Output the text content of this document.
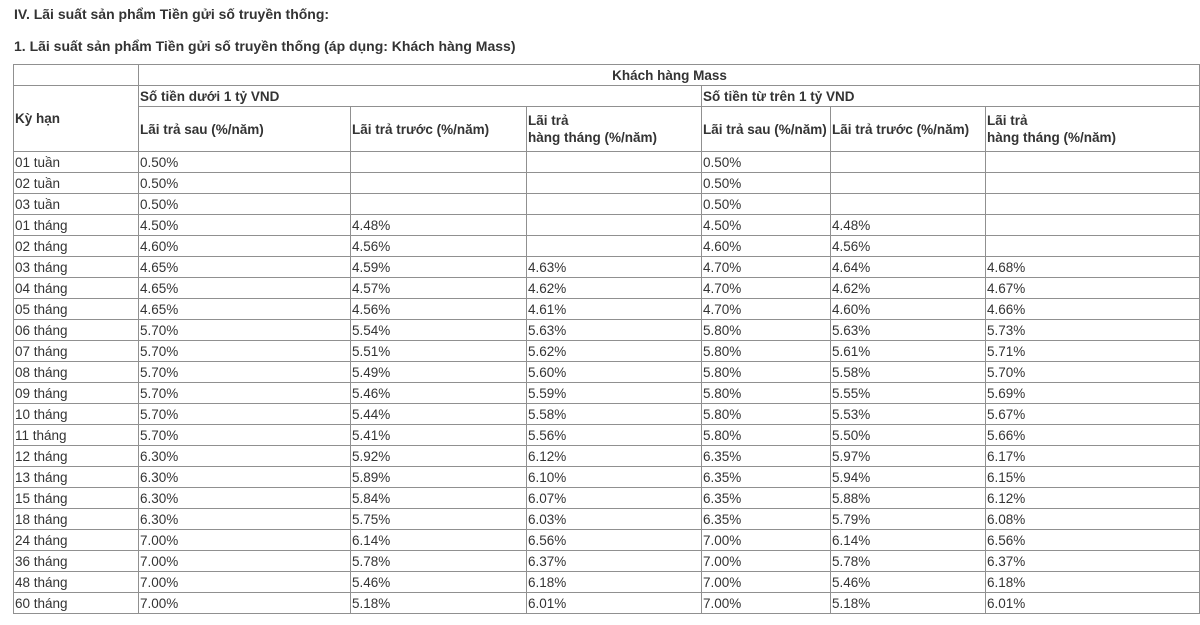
IV. Lãi suất sản phẩm Tiền gửi số truyền thống:
1. Lãi suất sản phẩm Tiền gửi số truyền thống (áp dụng: Khách hàng Mass)
	Khách hàng Mass					
Kỳ hạn	Số tiền dưới 1 tỷ VND			Số tiền từ trên 1 tỷ VND		
	Lãi trả sau (%/năm)	Lãi trả trước (%/năm)	Lãi trả
hàng tháng (%/năm)	Lãi trả sau (%/năm)	Lãi trả trước (%/năm)	Lãi trả
hàng tháng (%/năm)
01 tuần	0.50%			0.50%		
02 tuần	0.50%			0.50%		
03 tuần	0.50%			0.50%		
01 tháng	4.50%	4.48%		4.50%	4.48%	
02 tháng	4.60%	4.56%		4.60%	4.56%	
03 tháng	4.65%	4.59%	4.63%	4.70%	4.64%	4.68%
04 tháng	4.65%	4.57%	4.62%	4.70%	4.62%	4.67%
05 tháng	4.65%	4.56%	4.61%	4.70%	4.60%	4.66%
06 tháng	5.70%	5.54%	5.63%	5.80%	5.63%	5.73%
07 tháng	5.70%	5.51%	5.62%	5.80%	5.61%	5.71%
08 tháng	5.70%	5.49%	5.60%	5.80%	5.58%	5.70%
09 tháng	5.70%	5.46%	5.59%	5.80%	5.55%	5.69%
10 tháng	5.70%	5.44%	5.58%	5.80%	5.53%	5.67%
11 tháng	5.70%	5.41%	5.56%	5.80%	5.50%	5.66%
12 tháng	6.30%	5.92%	6.12%	6.35%	5.97%	6.17%
13 tháng	6.30%	5.89%	6.10%	6.35%	5.94%	6.15%
15 tháng	6.30%	5.84%	6.07%	6.35%	5.88%	6.12%
18 tháng	6.30%	5.75%	6.03%	6.35%	5.79%	6.08%
24 tháng	7.00%	6.14%	6.56%	7.00%	6.14%	6.56%
36 tháng	7.00%	5.78%	6.37%	7.00%	5.78%	6.37%
48 tháng	7.00%	5.46%	6.18%	7.00%	5.46%	6.18%
60 tháng	7.00%	5.18%	6.01%	7.00%	5.18%	6.01%
